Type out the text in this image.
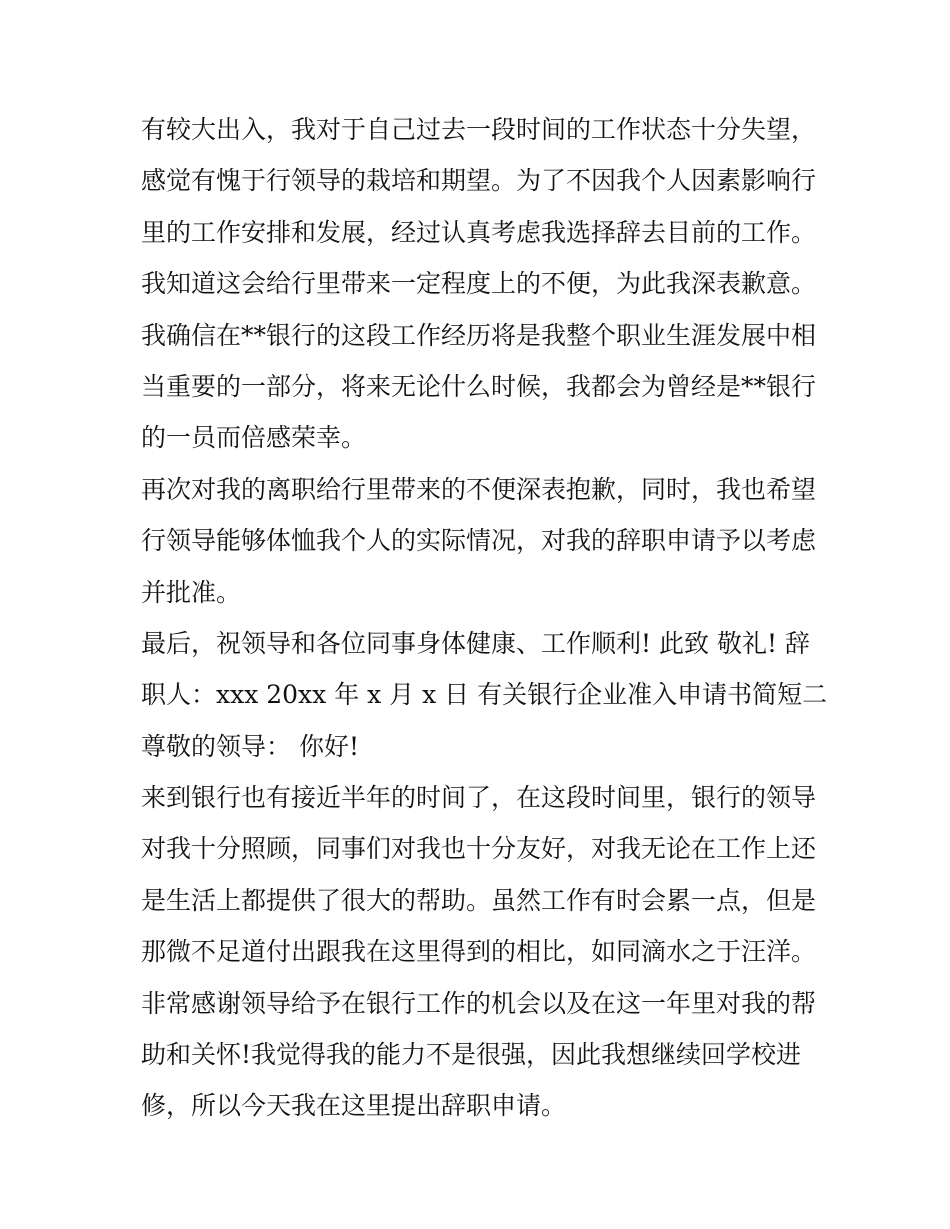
有较大出入，我对于自己过去一段时间的工作状态十分失望，

感觉有愧于行领导的栽培和期望。为了不因我个人因素影响行

里的工作安排和发展，经过认真考虑我选择辞去目前的工作。

我知道这会给行里带来一定程度上的不便，为此我深表歉意。

我确信在**银行的这段工作经历将是我整个职业生涯发展中相

当重要的一部分，将来无论什么时候，我都会为曾经是**银行

的一员而倍感荣幸。

再次对我的离职给行里带来的不便深表抱歉，同时，我也希望

行领导能够体恤我个人的实际情况，对我的辞职申请予以考虑

并批准。

最后，祝领导和各位同事身体健康、工作顺利! 此致 敬礼! 辞

职人：xxx 20xx 年 x 月 x 日 有关银行企业准入申请书简短二

尊敬的领导： 你好!

来到银行也有接近半年的时间了，在这段时间里，银行的领导

对我十分照顾，同事们对我也十分友好，对我无论在工作上还

是生活上都提供了很大的帮助。虽然工作有时会累一点，但是

那微不足道付出跟我在这里得到的相比，如同滴水之于汪洋。

非常感谢领导给予在银行工作的机会以及在这一年里对我的帮

助和关怀!我觉得我的能力不是很强，因此我想继续回学校进

修，所以今天我在这里提出辞职申请。
